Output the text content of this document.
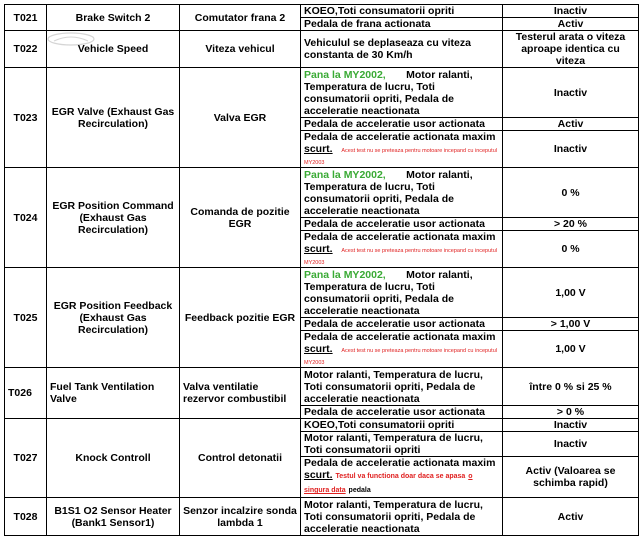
T021	Brake Switch 2	Comutator frana 2	KOEO,Toti consumatorii opriti	Inactiv
			Pedala de frana actionata	Activ
T022	Vehicle Speed	Viteza vehicul	Vehiculul se deplaseaza cu viteza constanta de 30 Km/h	Testerul arata o viteza aproape identica cu viteza
T023	EGR Valve (Exhaust Gas Recirculation)	Valva EGR	Pana la MY2002, Motor ralanti, Temperatura de lucru, Toti consumatorii opriti, Pedala de acceleratie neactionata	Inactiv
			Pedala de acceleratie usor actionata	Activ
			Pedala de acceleratie actionata maxim
scurt. Acest test nu se preteaza pentru motoare incepand cu inceputul MY2003	Inactiv
T024	EGR Position Command (Exhaust Gas Recirculation)	Comanda de pozitie EGR	Pana la MY2002, Motor ralanti, Temperatura de lucru, Toti consumatorii opriti, Pedala de acceleratie neactionata	0 %
			Pedala de acceleratie usor actionata	> 20 %
			Pedala de acceleratie actionata maxim
scurt. Acest test nu se preteaza pentru motoare incepand cu inceputul MY2003	0 %
T025	EGR Position Feedback (Exhaust Gas Recirculation)	Feedback pozitie EGR	Pana la MY2002, Motor ralanti, Temperatura de lucru, Toti consumatorii opriti, Pedala de acceleratie neactionata	1,00 V
			Pedala de acceleratie usor actionata	> 1,00 V
			Pedala de acceleratie actionata maxim
scurt. Acest test nu se preteaza pentru motoare incepand cu inceputul MY2003	1,00 V
T026	Fuel Tank Ventilation Valve	Valva ventilatie rezervor combustibil	Motor ralanti, Temperatura de lucru, Toti consumatorii opriti, Pedala de acceleratie neactionata	între 0 % si 25 %
			Pedala de acceleratie usor actionata	> 0 %
T027	Knock Controll	Control detonatii	KOEO,Toti consumatorii opriti	Inactiv
			Motor ralanti, Temperatura de lucru, Toti consumatorii opriti	Inactiv
			Pedala de acceleratie actionata maxim
scurt. Testul va functiona doar daca se apasa o singura data pedala	Activ (Valoarea se schimba rapid)
T028	B1S1 O2 Sensor Heater (Bank1 Sensor1)	Senzor incalzire sonda lambda 1	Motor ralanti, Temperatura de lucru, Toti consumatorii opriti, Pedala de acceleratie neactionata	Activ
